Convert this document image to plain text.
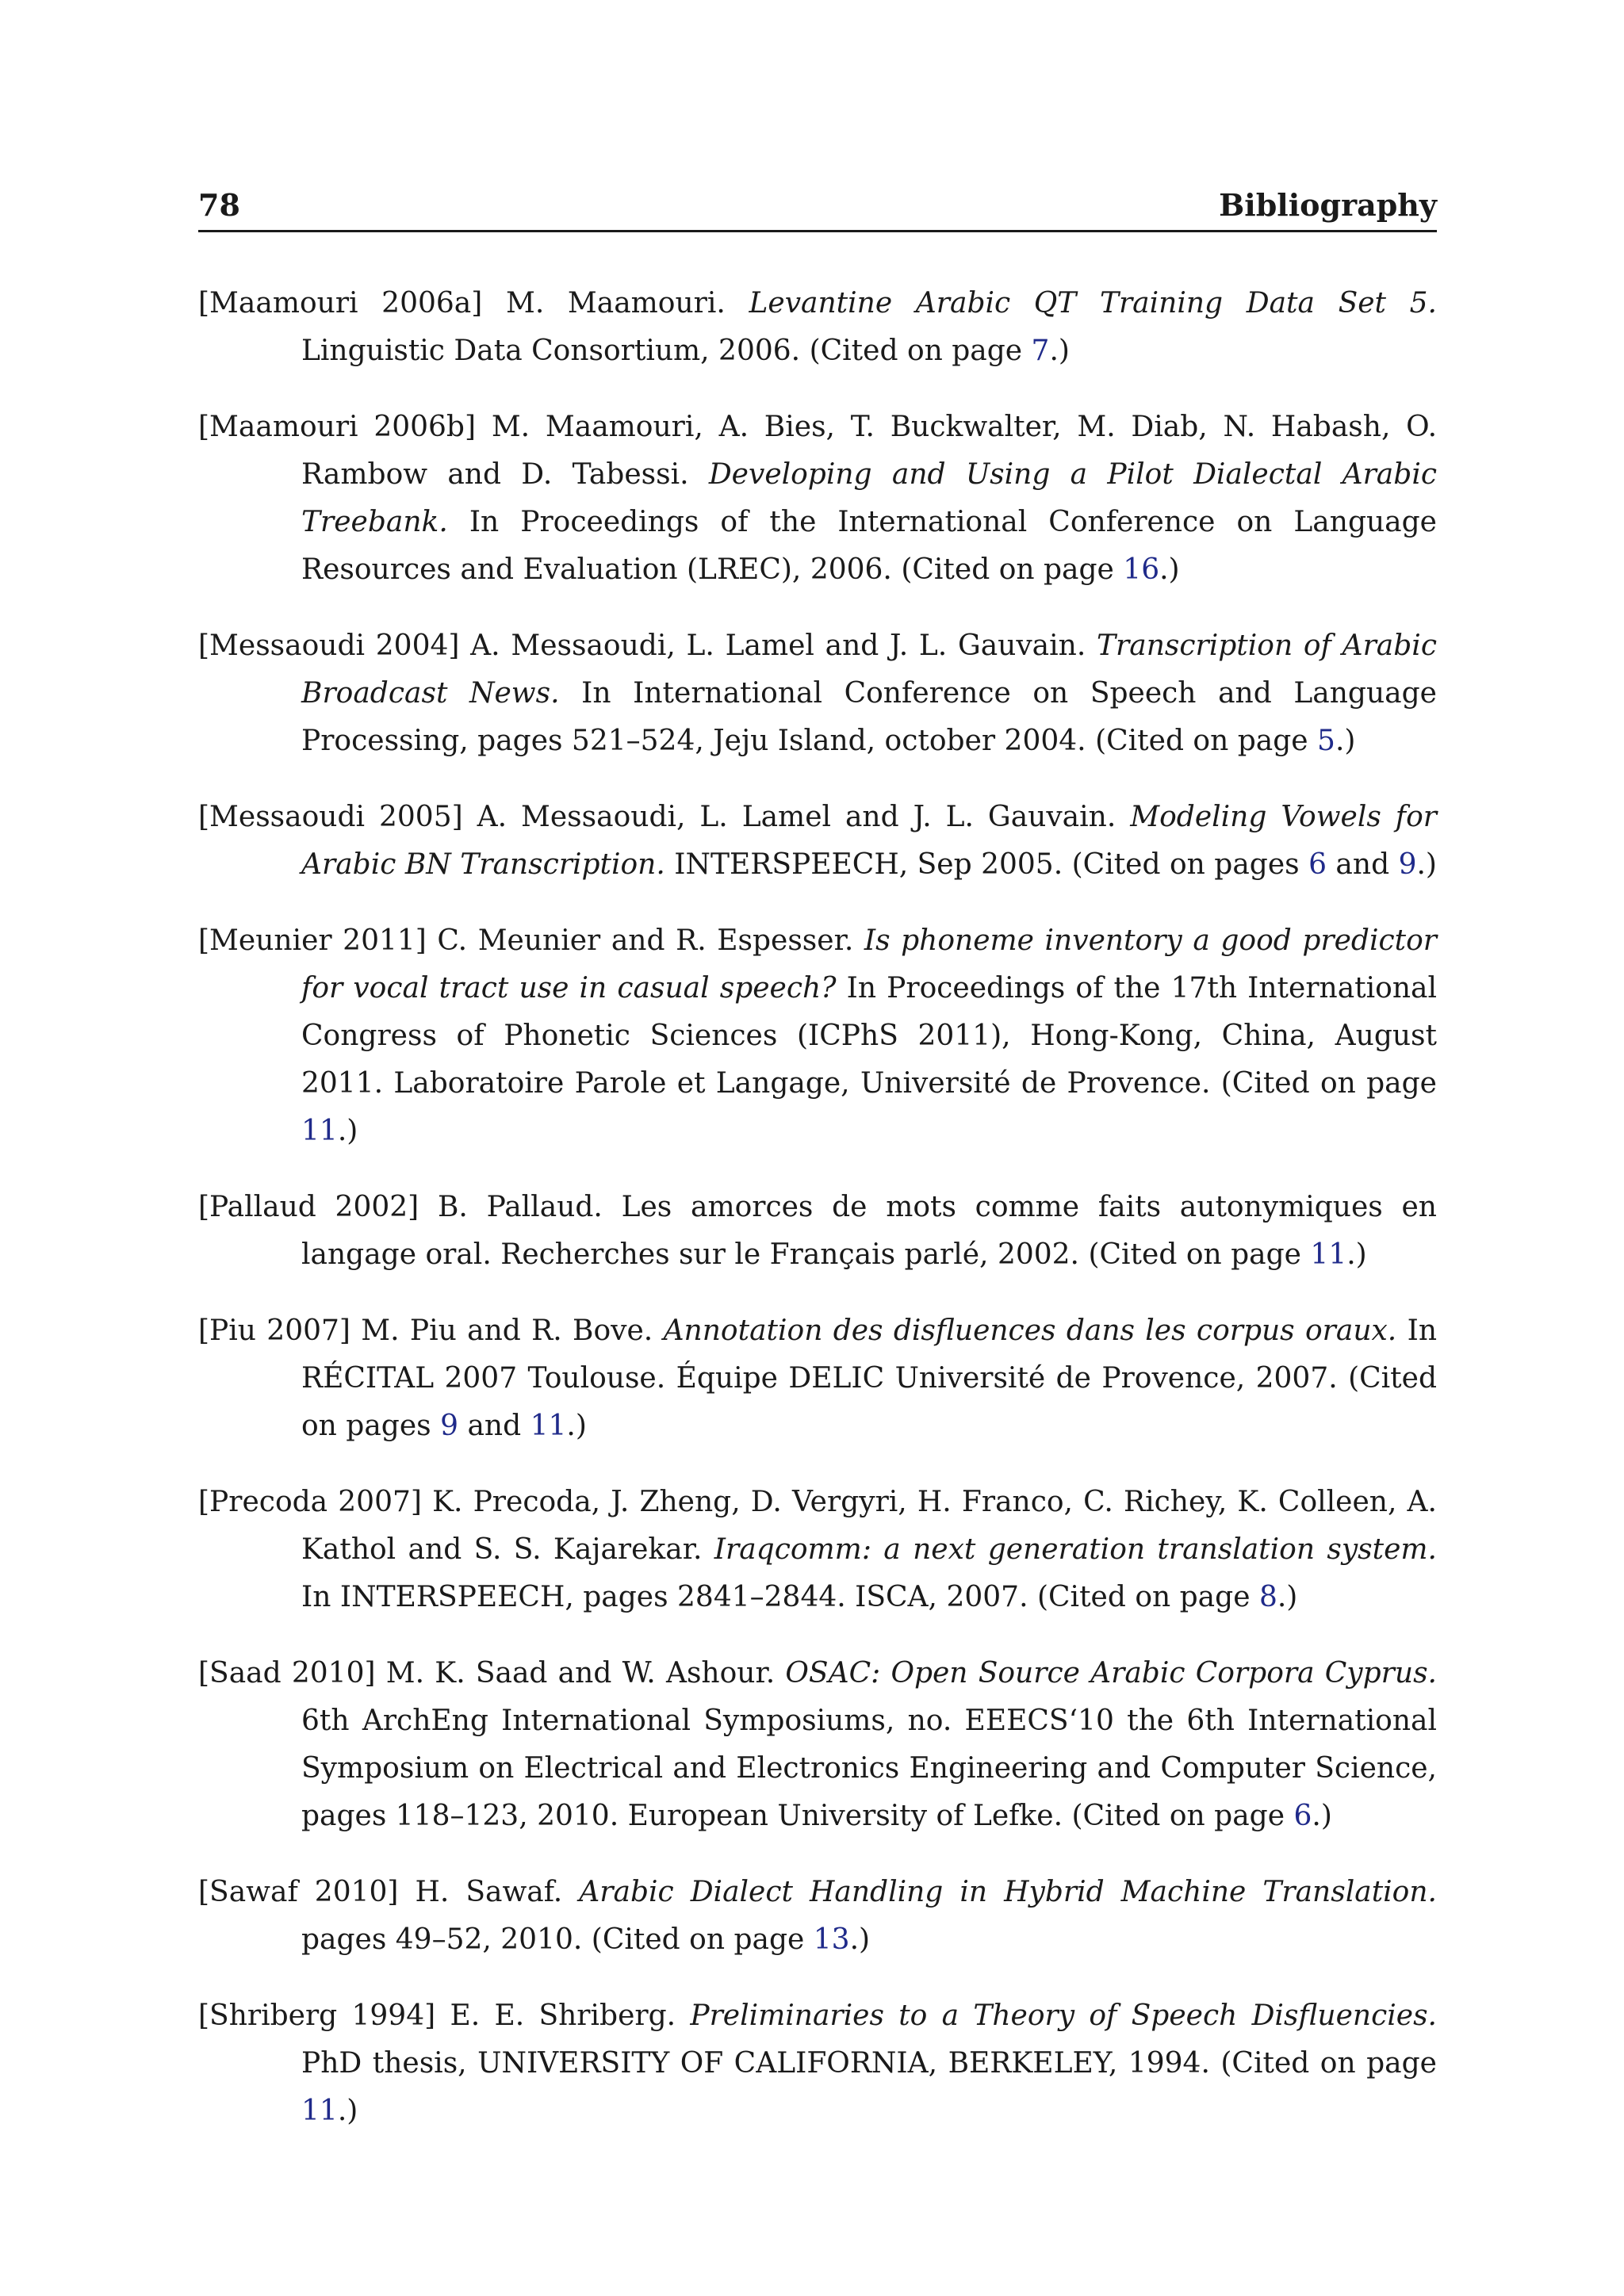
78	Bibliography

[Maamouri 2006a] M. Maamouri. Levantine Arabic QT Training Data Set 5. Linguistic Data Consortium, 2006. (Cited on page 7.)

[Maamouri 2006b] M. Maamouri, A. Bies, T. Buckwalter, M. Diab, N. Habash, O. Rambow and D. Tabessi. Developing and Using a Pilot Dialectal Arabic Treebank. In Proceedings of the International Conference on Language Resources and Evaluation (LREC), 2006. (Cited on page 16.)

[Messaoudi 2004] A. Messaoudi, L. Lamel and J. L. Gauvain. Transcription of Arabic Broadcast News. In International Conference on Speech and Language Processing, pages 521–524, Jeju Island, october 2004. (Cited on page 5.)

[Messaoudi 2005] A. Messaoudi, L. Lamel and J. L. Gauvain. Modeling Vowels for Arabic BN Transcription. INTERSPEECH, Sep 2005. (Cited on pages 6 and 9.)

[Meunier 2011] C. Meunier and R. Espesser. Is phoneme inventory a good predictor for vocal tract use in casual speech? In Proceedings of the 17th International Congress of Phonetic Sciences (ICPhS 2011), Hong-Kong, China, August 2011. Laboratoire Parole et Langage, Université de Provence. (Cited on page 11.)

[Pallaud 2002] B. Pallaud. Les amorces de mots comme faits autonymiques en langage oral. Recherches sur le Français parlé, 2002. (Cited on page 11.)

[Piu 2007] M. Piu and R. Bove. Annotation des disfluences dans les corpus oraux. In RÉCITAL 2007 Toulouse. Équipe DELIC Université de Provence, 2007. (Cited on pages 9 and 11.)

[Precoda 2007] K. Precoda, J. Zheng, D. Vergyri, H. Franco, C. Richey, K. Colleen, A. Kathol and S. S. Kajarekar. Iraqcomm: a next generation translation system. In INTERSPEECH, pages 2841–2844. ISCA, 2007. (Cited on page 8.)

[Saad 2010] M. K. Saad and W. Ashour. OSAC: Open Source Arabic Corpora Cyprus. 6th ArchEng International Symposiums, no. EEECS‘10 the 6th International Symposium on Electrical and Electronics Engineering and Computer Science, pages 118–123, 2010. European University of Lefke. (Cited on page 6.)

[Sawaf 2010] H. Sawaf. Arabic Dialect Handling in Hybrid Machine Translation. pages 49–52, 2010. (Cited on page 13.)

[Shriberg 1994] E. E. Shriberg. Preliminaries to a Theory of Speech Disfluencies. PhD thesis, UNIVERSITY OF CALIFORNIA, BERKELEY, 1994. (Cited on page 11.)
